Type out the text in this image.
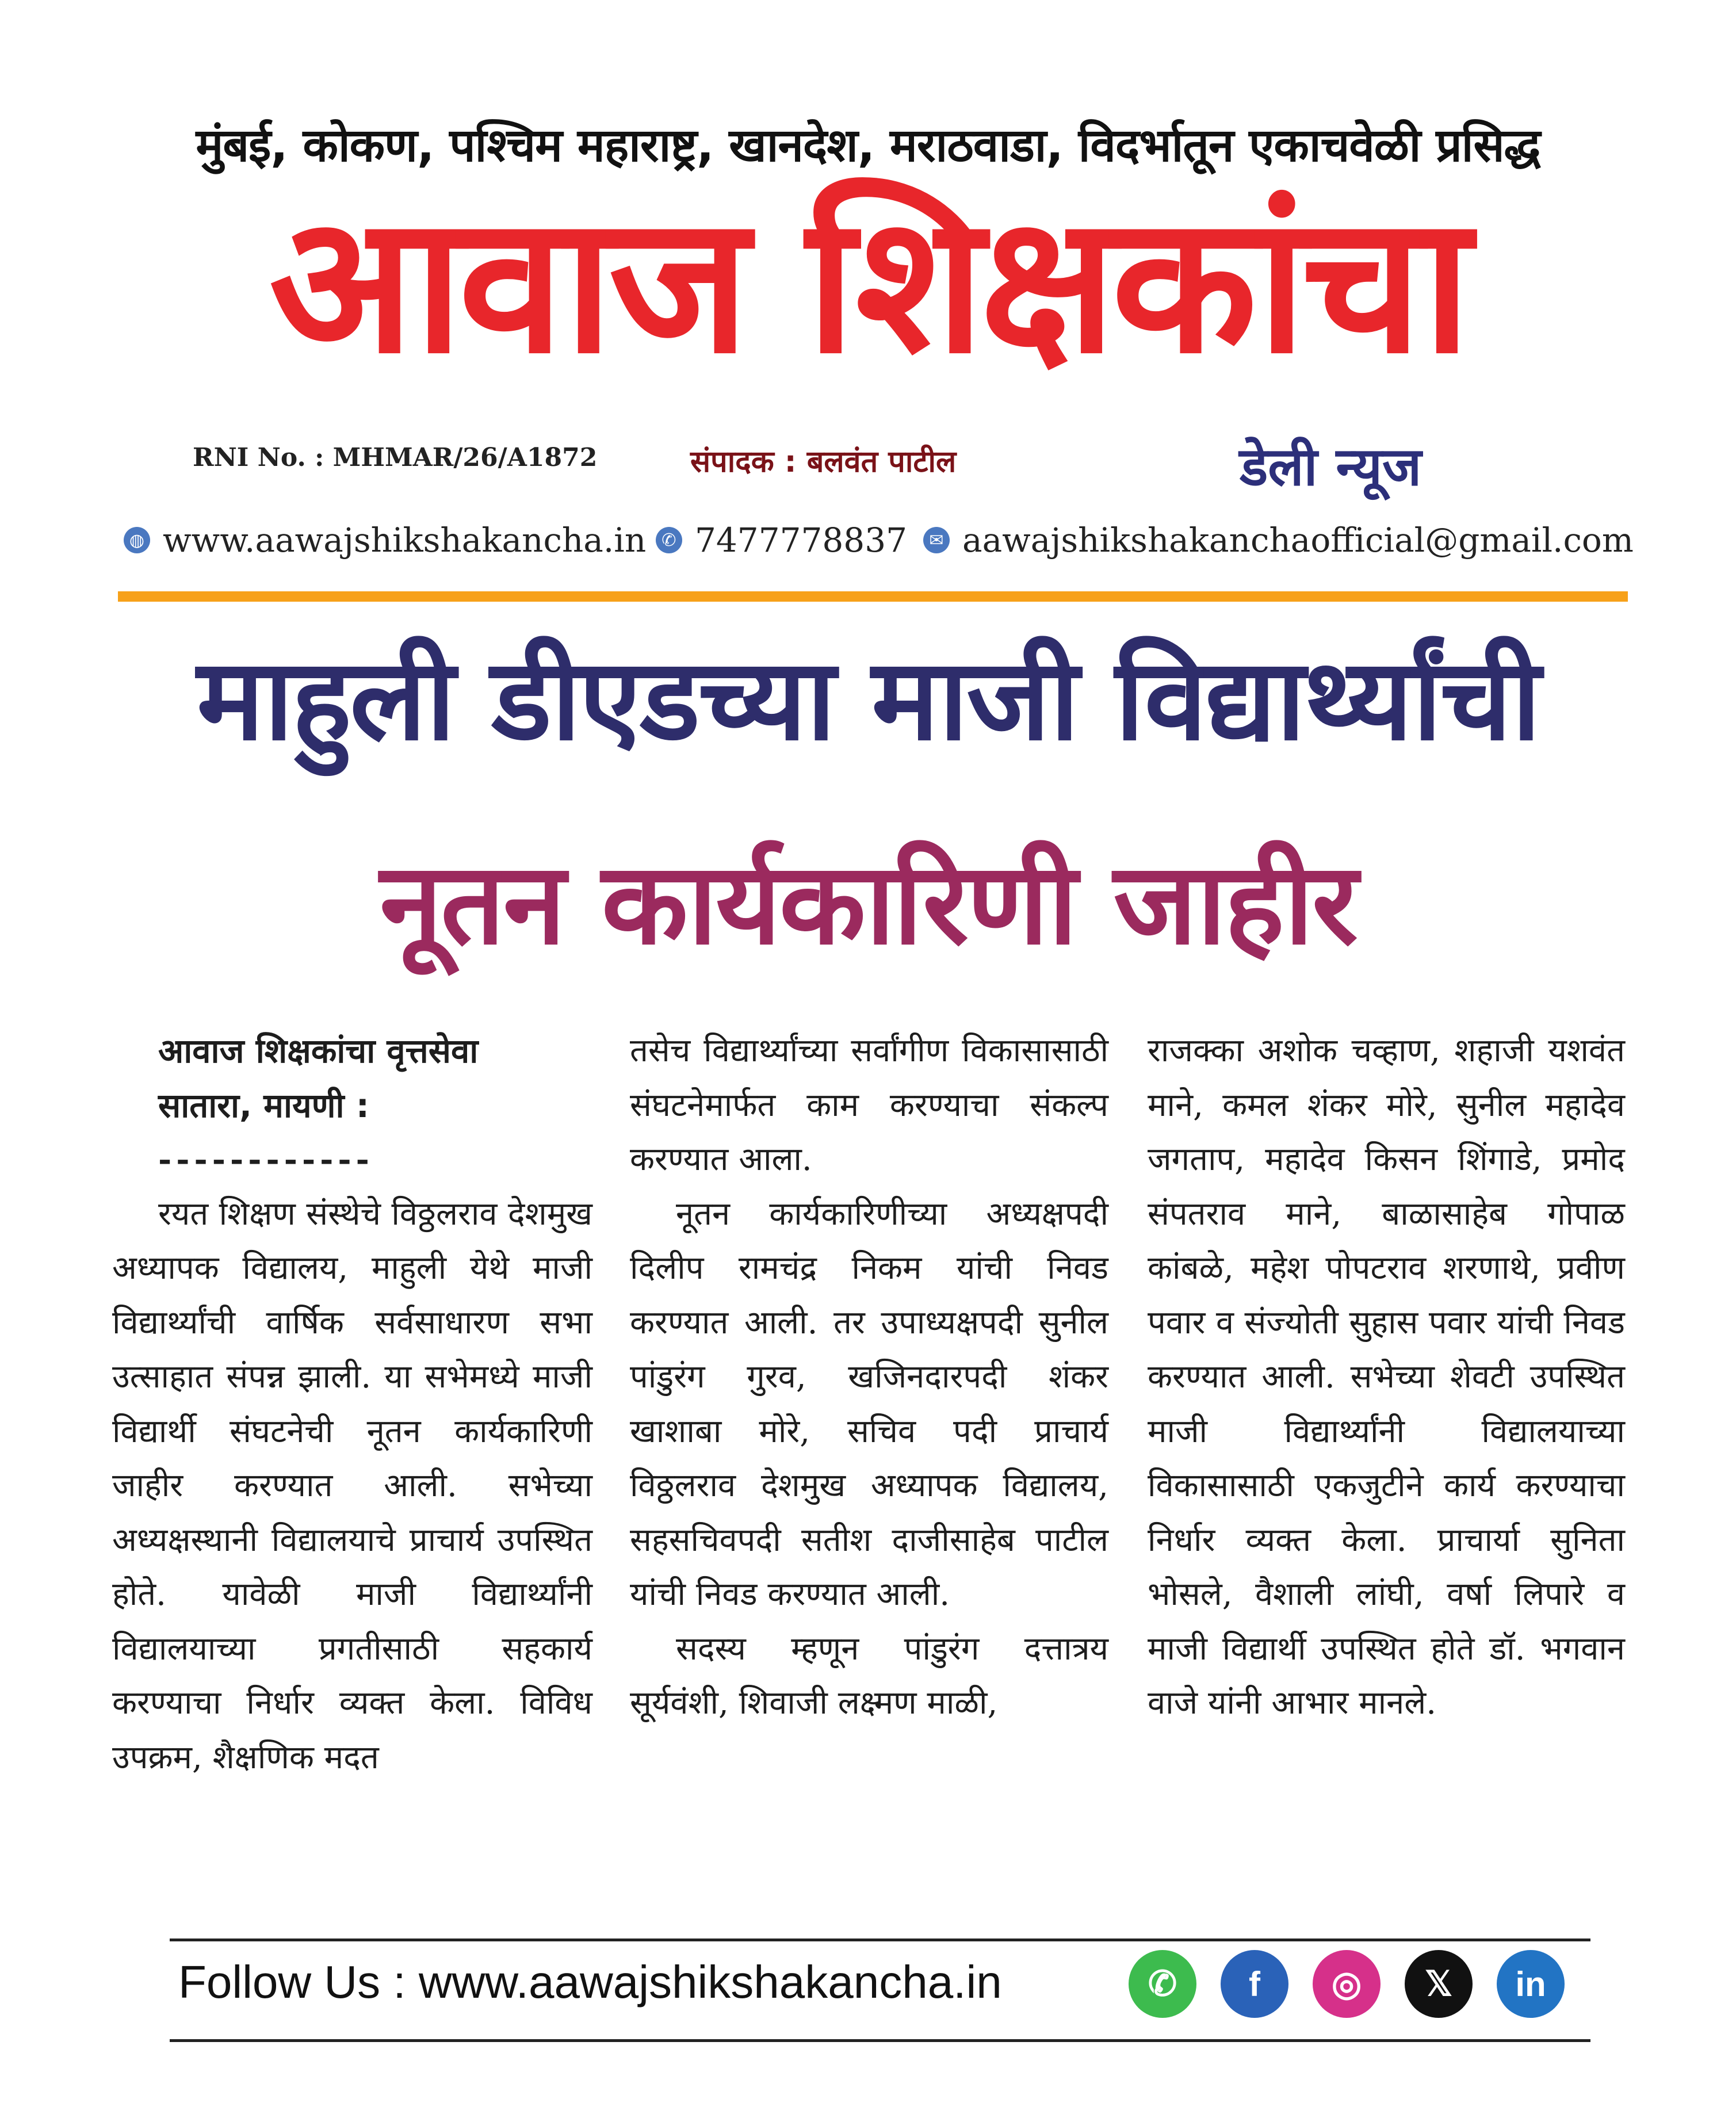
मुंबई, कोकण, पश्चिम महाराष्ट्र, खानदेश, मराठवाडा, विदर्भातून एकाचवेळी प्रसिद्ध
आवाज शिक्षकांचा
RNI No. : MHMAR/26/A1872	संपादक : बलवंत पाटील	डेली न्यूज
◍ www.aawajshikshakancha.in ✆ 7477778837	✉ aawajshikshakanchaofficial@gmail.com
माहुली डीएडच्या माजी विद्यार्थ्यांची
नूतन कार्यकारिणी जाहीर
आवाज शिक्षकांचा वृत्तसेवा
सातारा, मायणी :
------------

रयत शिक्षण संस्थेचे विठ्ठलराव देशमुख अध्यापक विद्यालय, माहुली येथे माजी विद्यार्थ्यांची वार्षिक सर्वसाधारण सभा उत्साहात संपन्न झाली. या सभेमध्ये माजी विद्यार्थी संघटनेची नूतन कार्यकारिणी जाहीर करण्यात आली. सभेच्या अध्यक्षस्थानी विद्यालयाचे प्राचार्य उपस्थित होते. यावेळी माजी विद्यार्थ्यांनी विद्यालयाच्या प्रगतीसाठी सहकार्य करण्याचा निर्धार व्यक्त केला. विविध उपक्रम, शैक्षणिक मदत

तसेच विद्यार्थ्यांच्या सर्वांगीण विकासासाठी संघटनेमार्फत काम करण्याचा संकल्प करण्यात आला.

नूतन कार्यकारिणीच्या अध्यक्षपदी दिलीप रामचंद्र निकम यांची निवड करण्यात आली. तर उपाध्यक्षपदी सुनील पांडुरंग गुरव, खजिनदारपदी शंकर खाशाबा मोरे, सचिव पदी प्राचार्य विठ्ठलराव देशमुख अध्यापक विद्यालय, सहसचिवपदी सतीश दाजीसाहेब पाटील यांची निवड करण्यात आली.

सदस्य म्हणून पांडुरंग दत्तात्रय सूर्यवंशी, शिवाजी लक्ष्मण माळी,

राजक्का अशोक चव्हाण, शहाजी यशवंत माने, कमल शंकर मोरे, सुनील महादेव जगताप, महादेव किसन शिंगाडे, प्रमोद संपतराव माने, बाळासाहेब गोपाळ कांबळे, महेश पोपटराव शरणाथे, प्रवीण पवार व संज्योती सुहास पवार यांची निवड करण्यात आली. सभेच्या शेवटी उपस्थित माजी विद्यार्थ्यांनी विद्यालयाच्या विकासासाठी एकजुटीने कार्य करण्याचा निर्धार व्यक्त केला. प्राचार्या सुनिता भोसले, वैशाली लांघी, वर्षा लिपारे व माजी विद्यार्थी उपस्थित होते डॉ. भगवान वाजे यांनी आभार मानले.

Follow Us : www.aawajshikshakancha.in	✆	f	◎	𝕏	in
